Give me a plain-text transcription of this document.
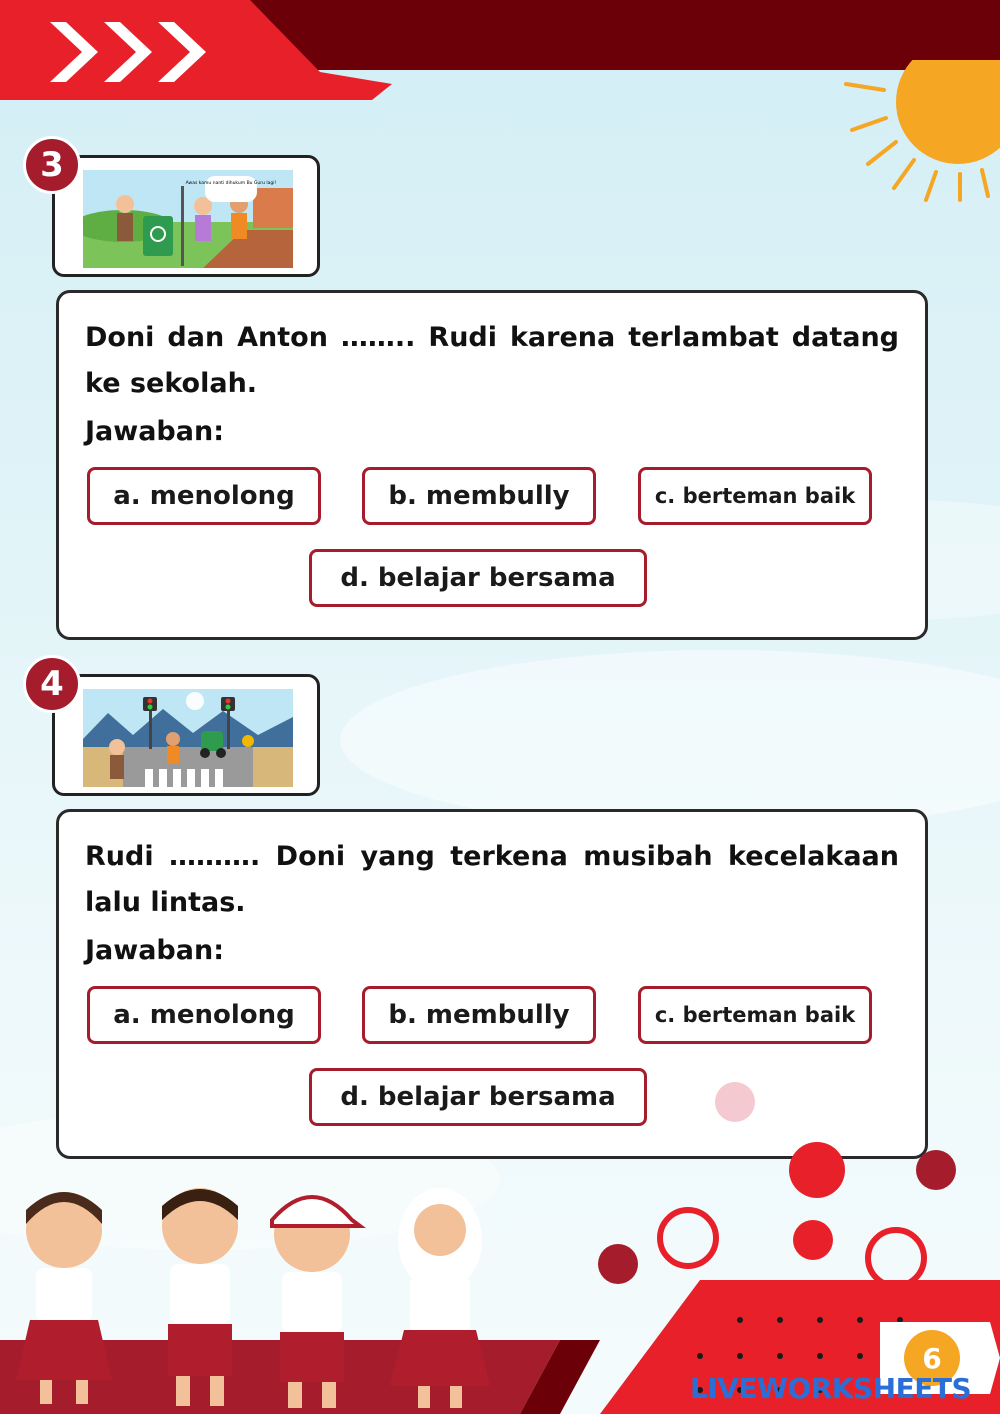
Awas kamu nanti dihukum Bu Guru lagi!
3
Doni dan Anton …….. Rudi karena terlambat datang ke sekolah.
Jawaban:
a. menolong	b. membully	c. berteman baik
d. belajar bersama
4
Rudi ………. Doni yang terkena musibah kecelakaan lalu lintas.
Jawaban:
a. menolong	b. membully	c. berteman baik
d. belajar bersama
6
LIVEWORKSHEETS
